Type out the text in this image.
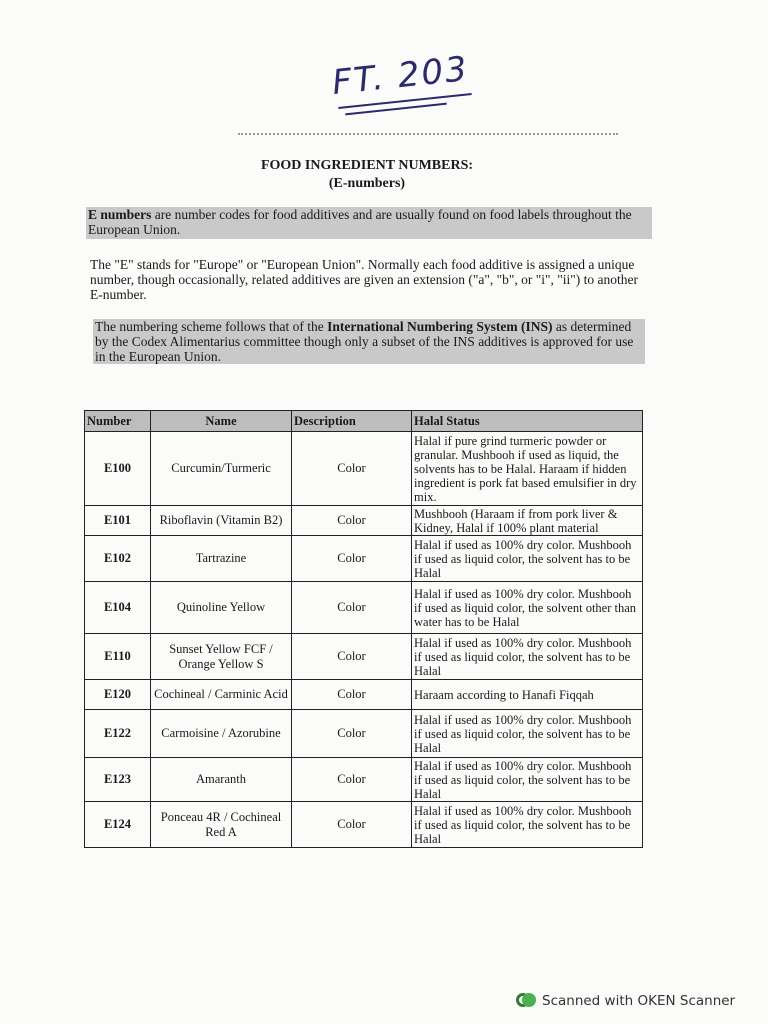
FT. 203
FOOD INGREDIENT NUMBERS:
(E-numbers)
E numbers are number codes for food additives and are usually found on food labels throughout the European Union.
The "E" stands for "Europe" or "European Union". Normally each food additive is assigned a unique number, though occasionally, related additives are given an extension ("a", "b", or "i", "ii") to another E-number.
The numbering scheme follows that of the International Numbering System (INS) as determined by the Codex Alimentarius committee though only a subset of the INS additives is approved for use in the European Union.
Number	Name	Description	Halal Status
E100	Curcumin/Turmeric	Color	Halal if pure grind turmeric powder or granular. Mushbooh if used as liquid, the solvents has to be Halal. Haraam if hidden ingredient is pork fat based emulsifier in dry mix.
E101	Riboflavin (Vitamin B2)	Color	Mushbooh (Haraam if from pork liver & Kidney, Halal if 100% plant material
E102	Tartrazine	Color	Halal if used as 100% dry color. Mushbooh if used as liquid color, the solvent has to be Halal
E104	Quinoline Yellow	Color	Halal if used as 100% dry color. Mushbooh if used as liquid color, the solvent other than water has to be Halal
E110	Sunset Yellow FCF / Orange Yellow S	Color	Halal if used as 100% dry color. Mushbooh if used as liquid color, the solvent has to be Halal
E120	Cochineal / Carminic Acid	Color	Haraam according to Hanafi Fiqqah
E122	Carmoisine / Azorubine	Color	Halal if used as 100% dry color. Mushbooh if used as liquid color, the solvent has to be Halal
E123	Amaranth	Color	Halal if used as 100% dry color. Mushbooh if used as liquid color, the solvent has to be Halal
E124	Ponceau 4R / Cochineal Red A	Color	Halal if used as 100% dry color. Mushbooh if used as liquid color, the solvent has to be Halal
Scanned with OKEN Scanner
